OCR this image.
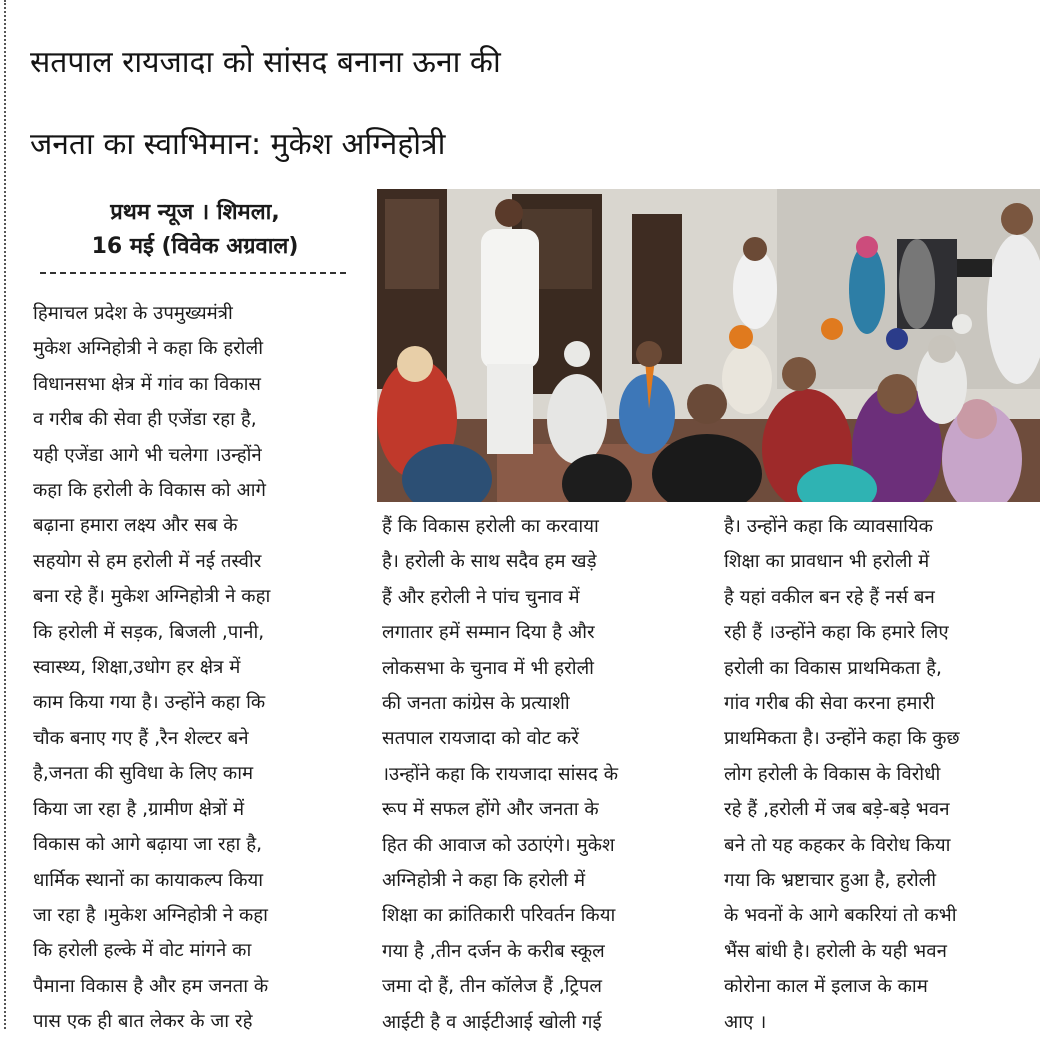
सतपाल रायजादा को सांसद बनाना ऊना की
जनता का स्वाभिमान: मुकेश अग्निहोत्री
प्रथम न्यूज । शिमला,
16 मई (विवेक अग्रवाल)
हिमाचल प्रदेश के उपमुख्यमंत्री
मुकेश अग्निहोत्री ने कहा कि हरोली
विधानसभा क्षेत्र में गांव का विकास
व गरीब की सेवा ही एजेंडा रहा है,
यही एजेंडा आगे भी चलेगा ।उन्होंने
कहा कि हरोली के विकास को आगे
बढ़ाना हमारा लक्ष्य और सब के
सहयोग से हम हरोली में नई तस्वीर
बना रहे हैं। मुकेश अग्निहोत्री ने कहा
कि हरोली में सड़क, बिजली ,पानी,
स्वास्थ्य, शिक्षा,उधोग हर क्षेत्र में
काम किया गया है। उन्होंने कहा कि
चौक बनाए गए हैं ,रैन शेल्टर बने
है,जनता की सुविधा के लिए काम
किया जा रहा है ,ग्रामीण क्षेत्रों में
विकास को आगे बढ़ाया जा रहा है,
धार्मिक स्थानों का कायाकल्प किया
जा रहा है ।मुकेश अग्निहोत्री ने कहा
कि हरोली हल्के में वोट मांगने का
पैमाना विकास है और हम जनता के
पास एक ही बात लेकर के जा रहे
हैं कि विकास हरोली का करवाया
है। हरोली के साथ सदैव हम खड़े
हैं और हरोली ने पांच चुनाव में
लगातार हमें सम्मान दिया है और
लोकसभा के चुनाव में भी हरोली
की जनता कांग्रेस के प्रत्याशी
सतपाल रायजादा को वोट करें
।उन्होंने कहा कि रायजादा सांसद के
रूप में सफल होंगे और जनता के
हित की आवाज को उठाएंगे। मुकेश
अग्निहोत्री ने कहा कि हरोली में
शिक्षा का क्रांतिकारी परिवर्तन किया
गया है ,तीन दर्जन के करीब स्कूल
जमा दो हैं, तीन कॉलेज हैं ,ट्रिपल
आईटी है व आईटीआई खोली गई
है। उन्होंने कहा कि व्यावसायिक
शिक्षा का प्रावधान भी हरोली में
है यहां वकील बन रहे हैं नर्स बन
रही हैं ।उन्होंने कहा कि हमारे लिए
हरोली का विकास प्राथमिकता है,
गांव गरीब की सेवा करना हमारी
प्राथमिकता है। उन्होंने कहा कि कुछ
लोग हरोली के विकास के विरोधी
रहे हैं ,हरोली में जब बड़े-बड़े भवन
बने तो यह कहकर के विरोध किया
गया कि भ्रष्टाचार हुआ है, हरोली
के भवनों के आगे बकरियां तो कभी
भैंस बांधी है। हरोली के यही भवन
कोरोना काल में इलाज के काम
आए ।
